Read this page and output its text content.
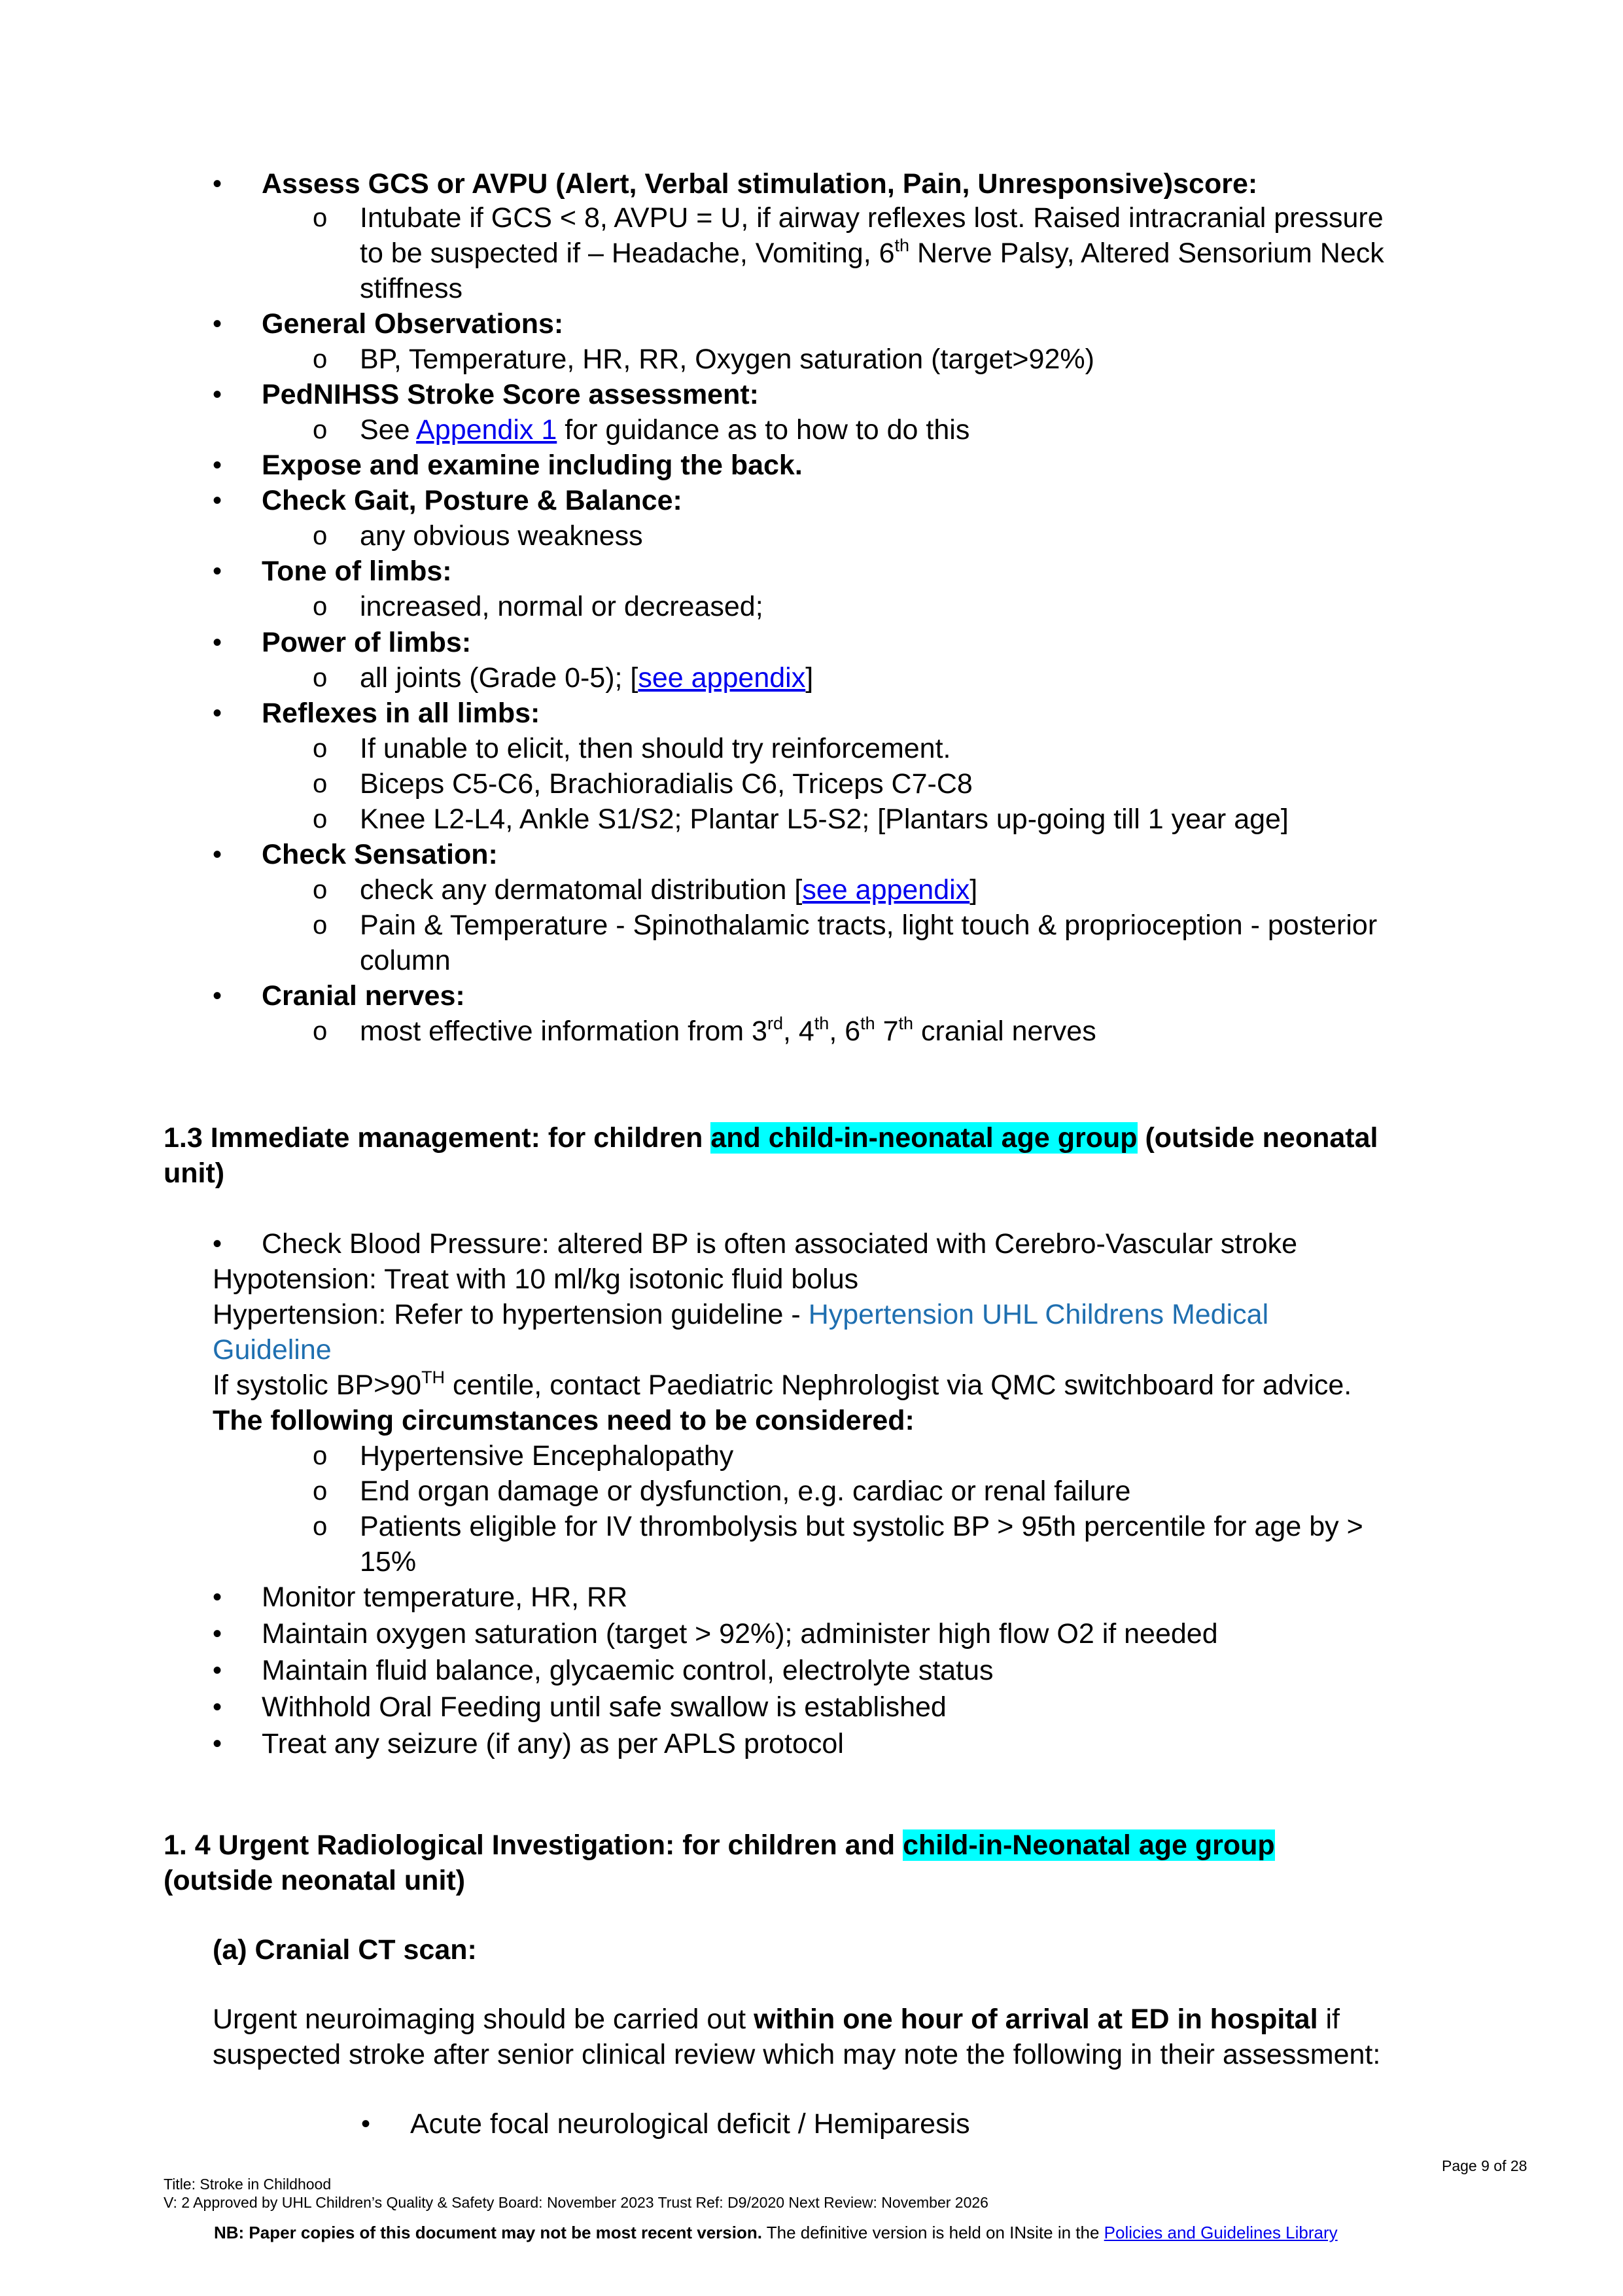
• Assess GCS or AVPU (Alert, Verbal stimulation, Pain, Unresponsive)score:
o Intubate if GCS < 8, AVPU = U, if airway reflexes lost. Raised intracranial pressure
to be suspected if – Headache, Vomiting, 6th Nerve Palsy, Altered Sensorium Neck
stiffness
• General Observations:
o BP, Temperature, HR, RR, Oxygen saturation (target>92%)
• PedNIHSS Stroke Score assessment:
o See Appendix 1 for guidance as to how to do this
• Expose and examine including the back.
• Check Gait, Posture & Balance:
o any obvious weakness
• Tone of limbs:
o increased, normal or decreased;
• Power of limbs:
o all joints (Grade 0-5); [see appendix]
• Reflexes in all limbs:
o If unable to elicit, then should try reinforcement.
o Biceps C5-C6, Brachioradialis C6, Triceps C7-C8
o Knee L2-L4, Ankle S1/S2; Plantar L5-S2; [Plantars up-going till 1 year age]
• Check Sensation:
o check any dermatomal distribution [see appendix]
o Pain & Temperature - Spinothalamic tracts, light touch & proprioception - posterior
column
• Cranial nerves:
o most effective information from 3rd, 4th, 6th 7th cranial nerves
1.3 Immediate management: for children and child-in-neonatal age group (outside neonatal
unit)
• Check Blood Pressure: altered BP is often associated with Cerebro-Vascular stroke
Hypotension: Treat with 10 ml/kg isotonic fluid bolus
Hypertension: Refer to hypertension guideline - Hypertension UHL Childrens Medical
Guideline
If systolic BP>90TH centile, contact Paediatric Nephrologist via QMC switchboard for advice.
The following circumstances need to be considered:
o Hypertensive Encephalopathy
o End organ damage or dysfunction, e.g. cardiac or renal failure
o Patients eligible for IV thrombolysis but systolic BP > 95th percentile for age by >
15%
• Monitor temperature, HR, RR
• Maintain oxygen saturation (target > 92%); administer high flow O2 if needed
• Maintain fluid balance, glycaemic control, electrolyte status
• Withhold Oral Feeding until safe swallow is established
• Treat any seizure (if any) as per APLS protocol
1. 4 Urgent Radiological Investigation: for children and child-in-Neonatal age group
(outside neonatal unit)
(a) Cranial CT scan:
Urgent neuroimaging should be carried out within one hour of arrival at ED in hospital if
suspected stroke after senior clinical review which may note the following in their assessment:
• Acute focal neurological deficit / Hemiparesis
Page 9 of 28
Title: Stroke in Childhood
V: 2 Approved by UHL Children’s Quality & Safety Board: November 2023 Trust Ref: D9/2020 Next Review: November 2026
NB: Paper copies of this document may not be most recent version. The definitive version is held on INsite in the Policies and Guidelines Library
